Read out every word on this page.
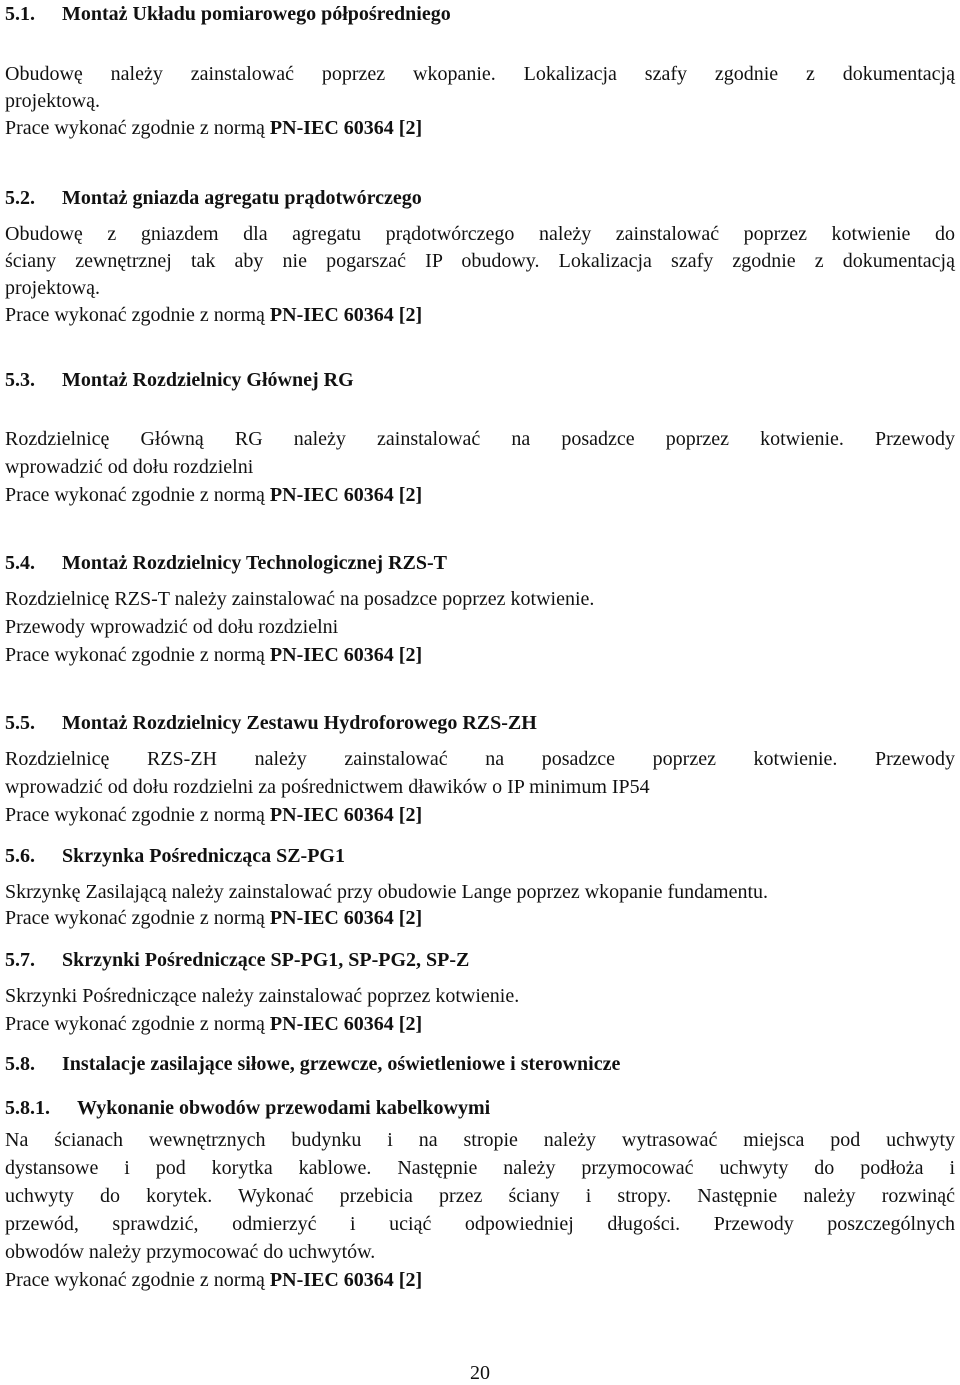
5.1. Montaż Układu pomiarowego półpośredniego
Obudowę należy zainstalować poprzez wkopanie. Lokalizacja szafy zgodnie z dokumentacją
projektową.
Prace wykonać zgodnie z normą PN-IEC 60364 [2]
5.2. Montaż gniazda agregatu prądotwórczego
Obudowę z gniazdem dla agregatu prądotwórczego należy zainstalować poprzez kotwienie do
ściany zewnętrznej tak aby nie pogarszać IP obudowy. Lokalizacja szafy zgodnie z dokumentacją
projektową.
Prace wykonać zgodnie z normą PN-IEC 60364 [2]
5.3. Montaż Rozdzielnicy Głównej RG
Rozdzielnicę Główną RG należy zainstalować na posadzce poprzez kotwienie. Przewody
wprowadzić od dołu rozdzielni
Prace wykonać zgodnie z normą PN-IEC 60364 [2]
5.4. Montaż Rozdzielnicy Technologicznej RZS-T
Rozdzielnicę RZS-T należy zainstalować na posadzce poprzez kotwienie.
Przewody wprowadzić od dołu rozdzielni
Prace wykonać zgodnie z normą PN-IEC 60364 [2]
5.5. Montaż Rozdzielnicy Zestawu Hydroforowego RZS-ZH
Rozdzielnicę RZS-ZH należy zainstalować na posadzce poprzez kotwienie. Przewody
wprowadzić od dołu rozdzielni za pośrednictwem dławików o IP minimum IP54
Prace wykonać zgodnie z normą PN-IEC 60364 [2]
5.6. Skrzynka Pośrednicząca SZ-PG1
Skrzynkę Zasilającą należy zainstalować przy obudowie Lange poprzez wkopanie fundamentu.
Prace wykonać zgodnie z normą PN-IEC 60364 [2]
5.7. Skrzynki Pośredniczące SP-PG1, SP-PG2, SP-Z
Skrzynki Pośredniczące należy zainstalować poprzez kotwienie.
Prace wykonać zgodnie z normą PN-IEC 60364 [2]
5.8. Instalacje zasilające siłowe, grzewcze, oświetleniowe i sterownicze
5.8.1. Wykonanie obwodów przewodami kabelkowymi
Na ścianach wewnętrznych budynku i na stropie należy wytrasować miejsca pod uchwyty
dystansowe i pod korytka kablowe. Następnie należy przymocować uchwyty do podłoża i
uchwyty do korytek. Wykonać przebicia przez ściany i stropy. Następnie należy rozwinąć
przewód, sprawdzić, odmierzyć i uciąć odpowiedniej długości. Przewody poszczególnych
obwodów należy przymocować do uchwytów.
Prace wykonać zgodnie z normą PN-IEC 60364 [2]
20
